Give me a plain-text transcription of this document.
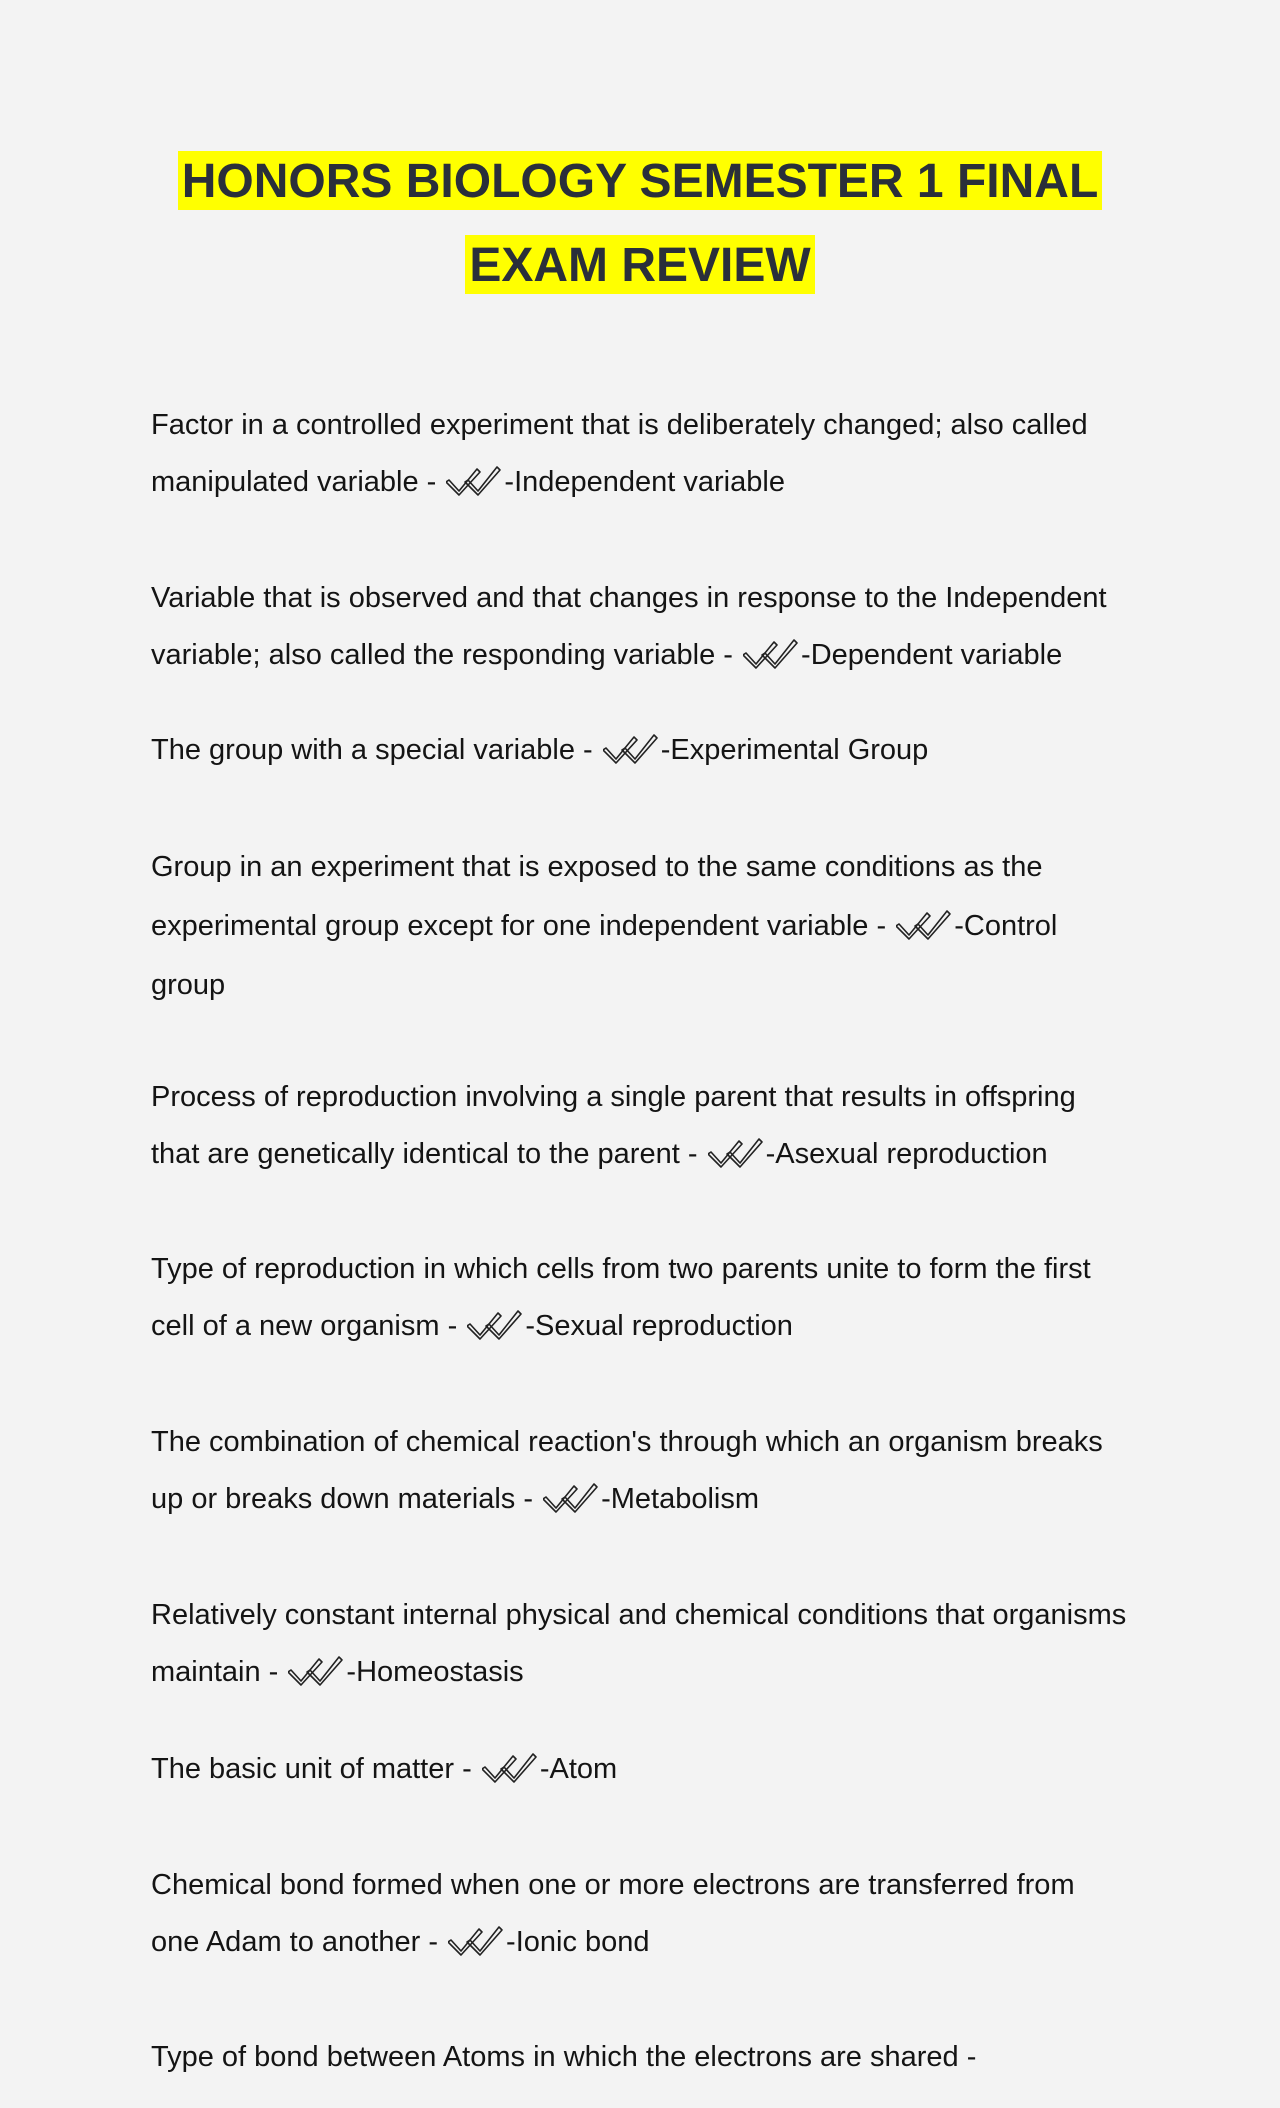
HONORS BIOLOGY SEMESTER 1 FINAL
EXAM REVIEW
Factor in a controlled experiment that is deliberately changed; also called manipulated variable -
-Independent variable
Variable that is observed and that changes in response to the Independent variable; also called the responding variable -
-Dependent variable
The group with a special variable -
-Experimental Group
Group in an experiment that is exposed to the same conditions as the experimental group except for one independent variable -
-Control group
Process of reproduction involving a single parent that results in offspring that are genetically identical to the parent -
-Asexual reproduction
Type of reproduction in which cells from two parents unite to form the first cell of a new organism -
-Sexual reproduction
The combination of chemical reaction's through which an organism breaks up or breaks down materials -
-Metabolism
Relatively constant internal physical and chemical conditions that organisms maintain -
-Homeostasis
The basic unit of matter -
-Atom
Chemical bond formed when one or more electrons are transferred from one Adam to another -
-Ionic bond
Type of bond between Atoms in which the electrons are shared -
